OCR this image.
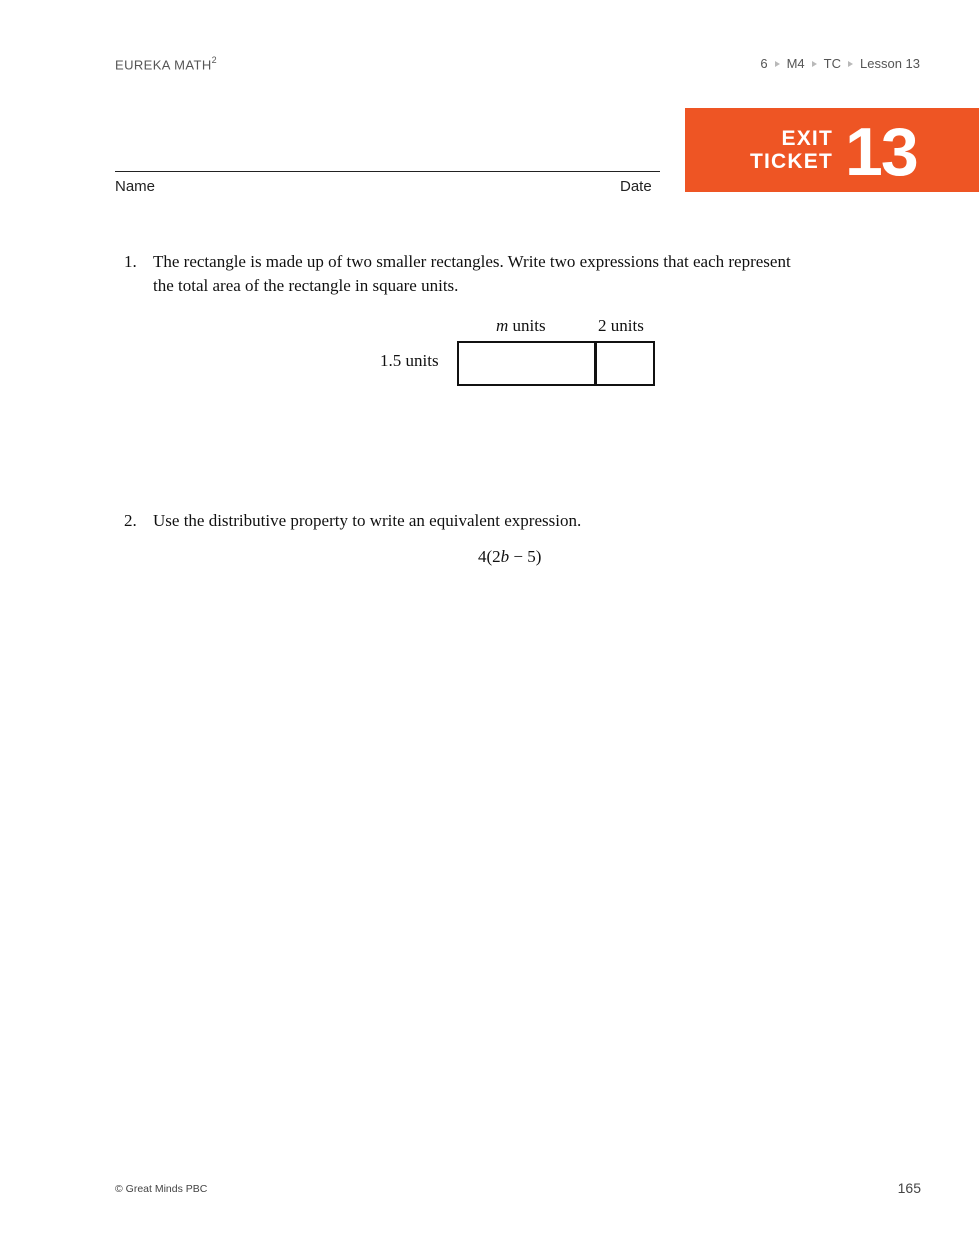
EUREKA MATH$^2$	6 M4 TC Lesson 13
EXIT
TICKET 13
Name	Date
1. The rectangle is made up of two smaller rectangles. Write two expressions that each represent
the total area of the rectangle in square units.
m units	2 units
1.5 units
2. Use the distributive property to write an equivalent expression.
4(2b − 5)
© Great Minds PBC	165
